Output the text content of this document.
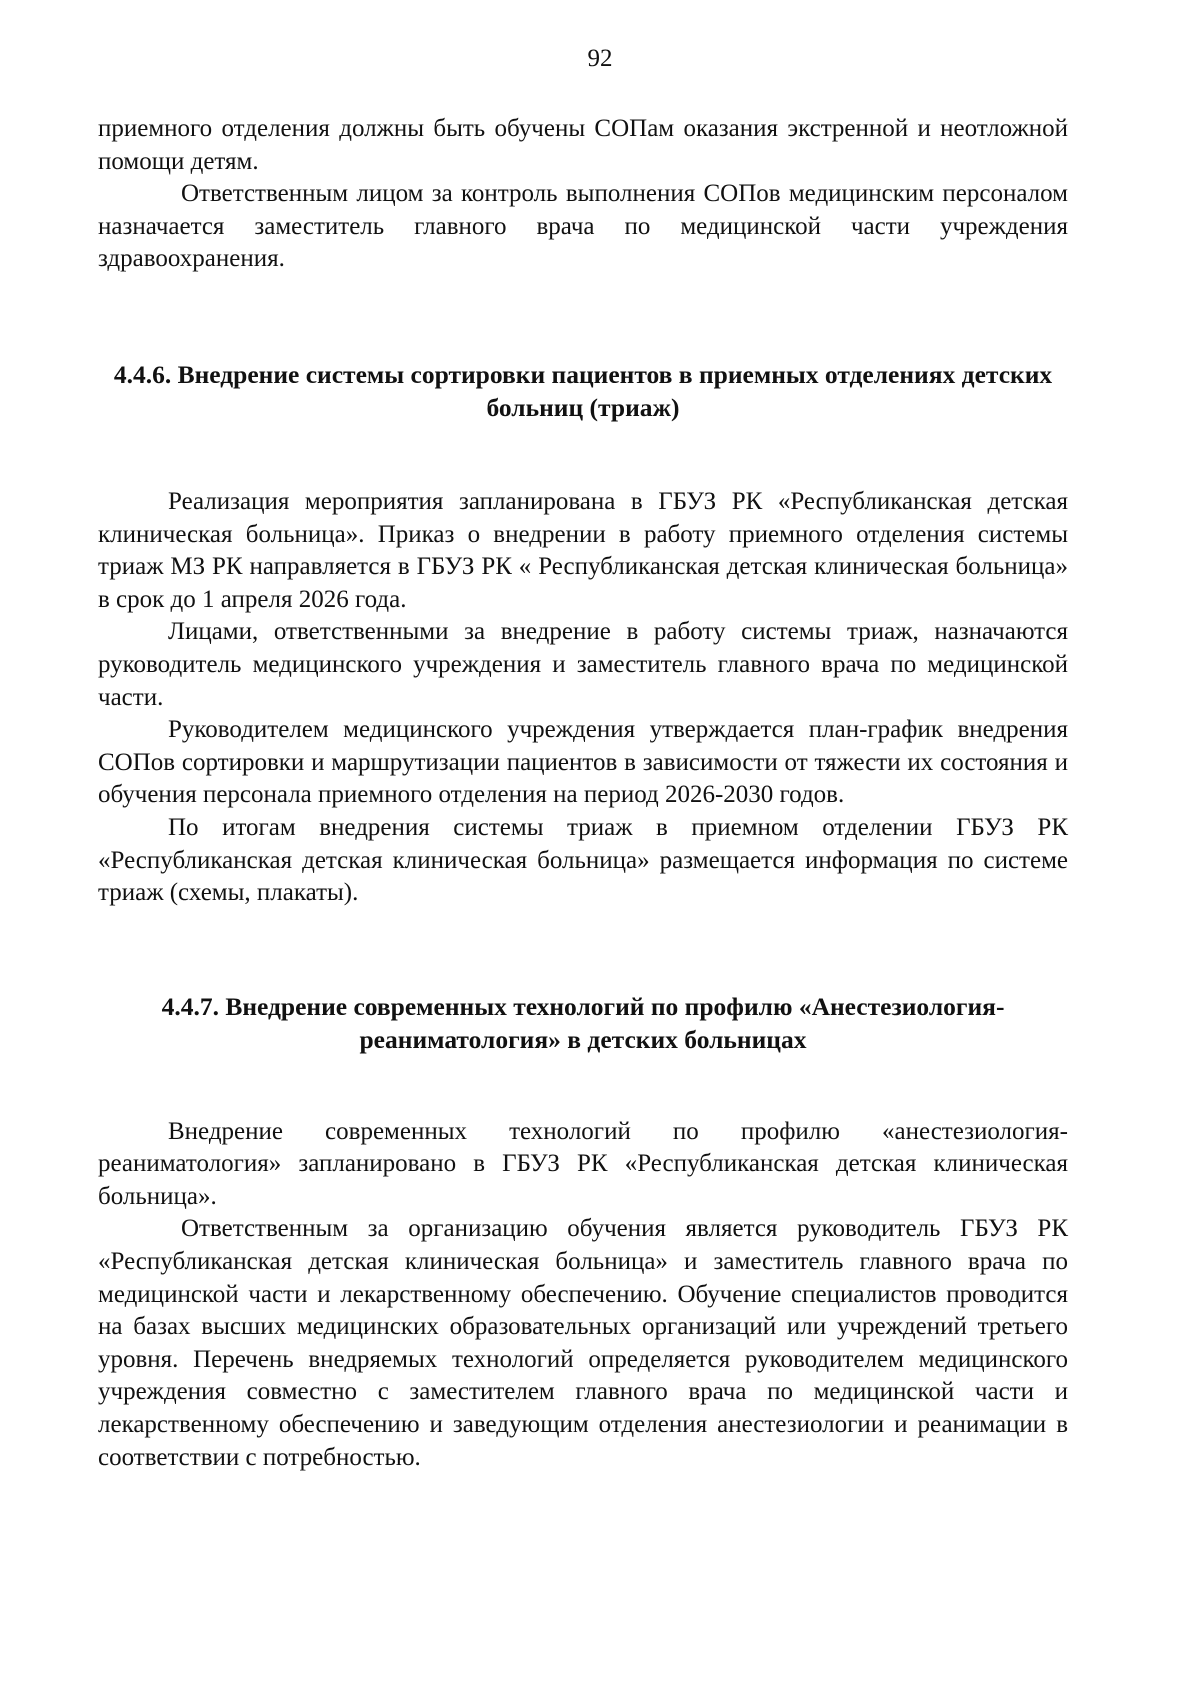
92

приемного отделения должны быть обучены СОПам оказания экстренной и неотложной помощи детям.

Ответственным лицом за контроль выполнения СОПов медицинским персоналом назначается заместитель главного врача по медицинской части учреждения здравоохранения.

4.4.6. Внедрение системы сортировки пациентов в приемных отделениях детских больниц (триаж)

Реализация мероприятия запланирована в ГБУЗ РК «Республиканская детская клиническая больница». Приказ о внедрении в работу приемного отделения системы триаж МЗ РК направляется в ГБУЗ РК « Республиканская детская клиническая больница» в срок до 1 апреля 2026 года.

Лицами, ответственными за внедрение в работу системы триаж, назначаются руководитель медицинского учреждения и заместитель главного врача по медицинской части.

Руководителем медицинского учреждения утверждается план-график внедрения СОПов сортировки и маршрутизации пациентов в зависимости от тяжести их состояния и обучения персонала приемного отделения на период 2026-2030 годов.

По итогам внедрения системы триаж в приемном отделении ГБУЗ РК «Республиканская детская клиническая больница» размещается информация по системе триаж (схемы, плакаты).

4.4.7. Внедрение современных технологий по профилю «Анестезиология-реаниматология» в детских больницах

Внедрение современных технологий по профилю «анестезиология-реаниматология» запланировано в ГБУЗ РК «Республиканская детская клиническая больница».

Ответственным за организацию обучения является руководитель ГБУЗ РК «Республиканская детская клиническая больница» и заместитель главного врача по медицинской части и лекарственному обеспечению. Обучение специалистов проводится на базах высших медицинских образовательных организаций или учреждений третьего уровня. Перечень внедряемых технологий определяется руководителем медицинского учреждения совместно с заместителем главного врача по медицинской части и лекарственному обеспечению и заведующим отделения анестезиологии и реанимации в соответствии с потребностью.
